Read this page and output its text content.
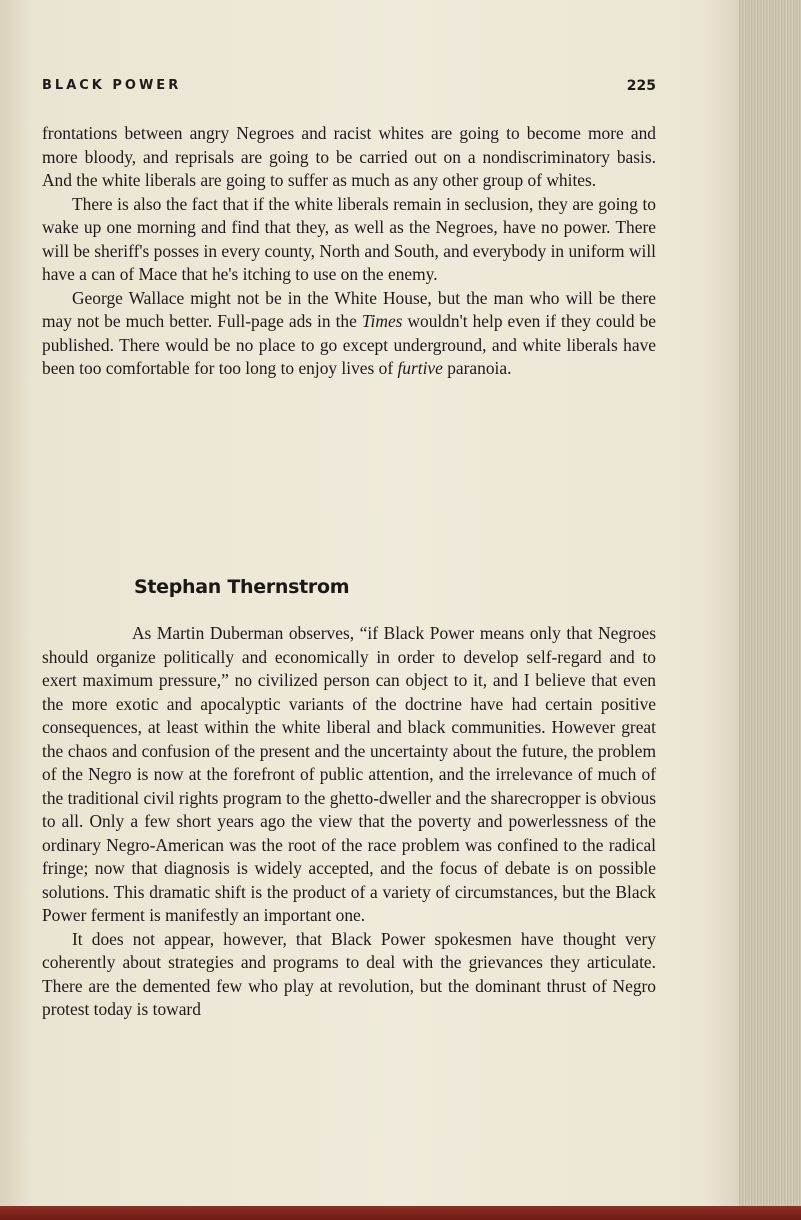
BLACK POWER	225

frontations between angry Negroes and racist whites are going to become more and more bloody, and reprisals are going to be carried out on a nondiscriminatory basis. And the white liberals are going to suffer as much as any other group of whites.

There is also the fact that if the white liberals remain in seclusion, they are going to wake up one morning and find that they, as well as the Negroes, have no power. There will be sheriff's posses in every county, North and South, and everybody in uniform will have a can of Mace that he's itching to use on the enemy.

George Wallace might not be in the White House, but the man who will be there may not be much better. Full-page ads in the Times wouldn't help even if they could be published. There would be no place to go except underground, and white liberals have been too comfortable for too long to enjoy lives of furtive paranoia.

Stephan Thernstrom

As Martin Duberman observes, “if Black Power means only that Negroes should organize politically and economically in order to develop self-regard and to exert maximum pressure,” no civilized person can object to it, and I believe that even the more exotic and apocalyptic variants of the doctrine have had certain positive consequences, at least within the white liberal and black communities. However great the chaos and confusion of the present and the uncertainty about the future, the problem of the Negro is now at the forefront of public attention, and the irrelevance of much of the traditional civil rights program to the ghetto-dweller and the sharecropper is obvious to all. Only a few short years ago the view that the poverty and powerlessness of the ordinary Negro-American was the root of the race problem was confined to the radical fringe; now that diagnosis is widely accepted, and the focus of debate is on possible solutions. This dramatic shift is the product of a variety of circumstances, but the Black Power ferment is manifestly an important one.

It does not appear, however, that Black Power spokesmen have thought very coherently about strategies and programs to deal with the grievances they articulate. There are the demented few who play at revolution, but the dominant thrust of Negro protest today is toward
